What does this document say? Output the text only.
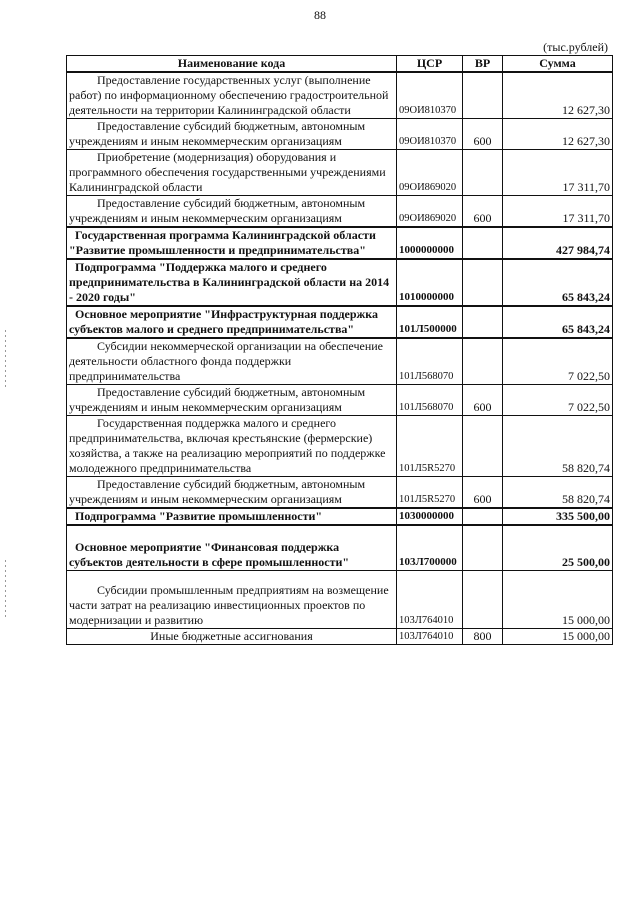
88
(тыс.рублей)
Наименование кода	ЦСР	ВР	Сумма
Предоставление государственных услуг (выполнение работ) по информационному обеспечению градостроительной деятельности на территории Калининградской области	09ОИ810370		12 627,30
Предоставление субсидий бюджетным, автономным учреждениям и иным некоммерческим организациям	09ОИ810370	600	12 627,30
Приобретение (модернизация) оборудования и программного обеспечения государственными учреждениями Калининградской области	09ОИ869020		17 311,70
Предоставление субсидий бюджетным, автономным учреждениям и иным некоммерческим организациям	09ОИ869020	600	17 311,70
Государственная программа Калининградской области "Развитие промышленности и предпринимательства"	1000000000		427 984,74
Подпрограмма "Поддержка малого и среднего предпринимательства в Калининградской области на 2014 - 2020 годы"	1010000000		65 843,24
Основное мероприятие "Инфраструктурная поддержка субъектов малого и среднего предпринимательства"	101Л500000		65 843,24
Субсидии некоммерческой организации на обеспечение деятельности областного фонда поддержки предпринимательства	101Л568070		7 022,50
Предоставление субсидий бюджетным, автономным учреждениям и иным некоммерческим организациям	101Л568070	600	7 022,50
Государственная поддержка малого и среднего предпринимательства, включая крестьянские (фермерские) хозяйства, а также на реализацию мероприятий по поддержке молодежного предпринимательства	101Л5R5270		58 820,74
Предоставление субсидий бюджетным, автономным учреждениям и иным некоммерческим организациям	101Л5R5270	600	58 820,74
Подпрограмма "Развитие промышленности"	1030000000		335 500,00
Основное мероприятие "Финансовая поддержка субъектов деятельности в сфере промышленности"	103Л700000		25 500,00
Субсидии промышленным предприятиям на возмещение части затрат на реализацию инвестиционных проектов по модернизации и развитию	103Л764010		15 000,00
Иные бюджетные ассигнования	103Л764010	800	15 000,00
